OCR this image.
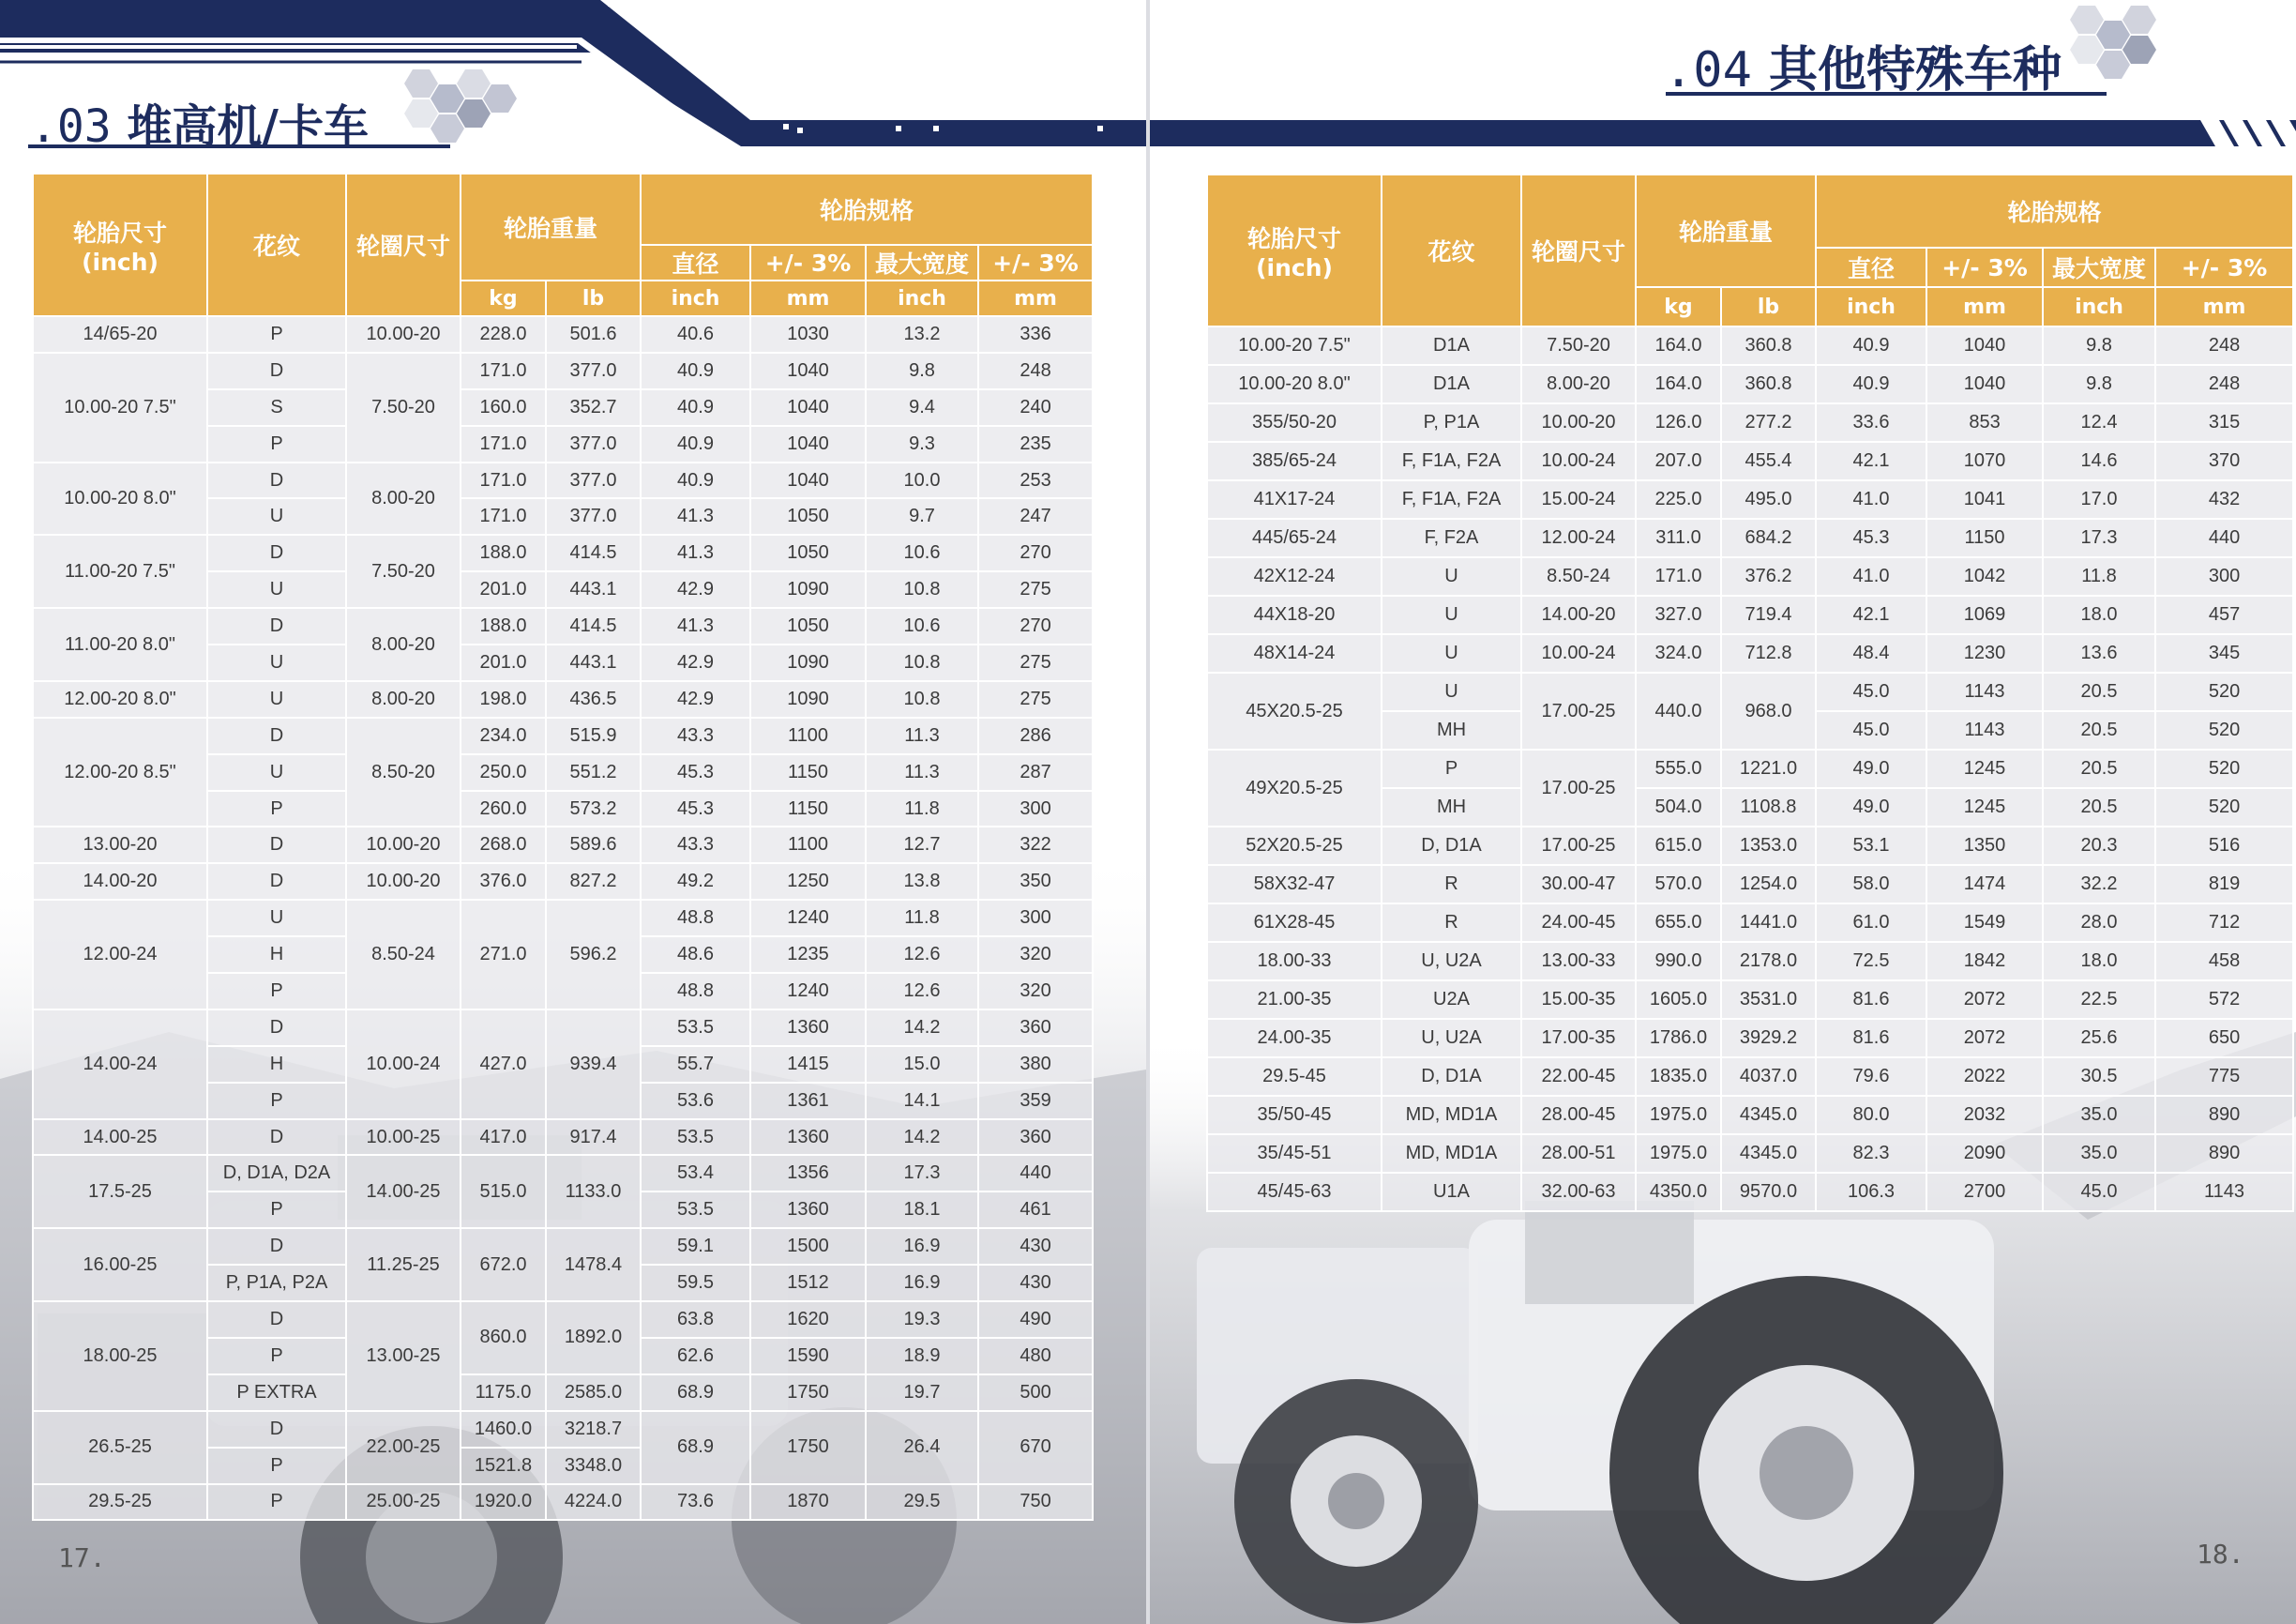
.03 堆高机/卡车
轮胎尺寸
(inch)	花纹	轮圈尺寸	轮胎重量		轮胎规格			
					直径	+/- 3%	最大宽度	+/- 3%
			kg	lb	inch	mm	inch	mm
14/65-20	P	10.00-20	228.0	501.6	40.6	1030	13.2	336
10.00-20 7.5"	D	7.50-20	171.0	377.0	40.9	1040	9.8	248
	S		160.0	352.7	40.9	1040	9.4	240
	P		171.0	377.0	40.9	1040	9.3	235
10.00-20 8.0"	D	8.00-20	171.0	377.0	40.9	1040	10.0	253
	U		171.0	377.0	41.3	1050	9.7	247
11.00-20 7.5"	D	7.50-20	188.0	414.5	41.3	1050	10.6	270
	U		201.0	443.1	42.9	1090	10.8	275
11.00-20 8.0"	D	8.00-20	188.0	414.5	41.3	1050	10.6	270
	U		201.0	443.1	42.9	1090	10.8	275
12.00-20 8.0"	U	8.00-20	198.0	436.5	42.9	1090	10.8	275
12.00-20 8.5"	D	8.50-20	234.0	515.9	43.3	1100	11.3	286
	U		250.0	551.2	45.3	1150	11.3	287
	P		260.0	573.2	45.3	1150	11.8	300
13.00-20	D	10.00-20	268.0	589.6	43.3	1100	12.7	322
14.00-20	D	10.00-20	376.0	827.2	49.2	1250	13.8	350
12.00-24	U	8.50-24	271.0	596.2	48.8	1240	11.8	300
	H				48.6	1235	12.6	320
	P				48.8	1240	12.6	320
14.00-24	D	10.00-24	427.0	939.4	53.5	1360	14.2	360
	H				55.7	1415	15.0	380
	P				53.6	1361	14.1	359
14.00-25	D	10.00-25	417.0	917.4	53.5	1360	14.2	360
17.5-25	D, D1A, D2A	14.00-25	515.0	1133.0	53.4	1356	17.3	440
	P				53.5	1360	18.1	461
16.00-25	D	11.25-25	672.0	1478.4	59.1	1500	16.9	430
	P, P1A, P2A				59.5	1512	16.9	430
18.00-25	D	13.00-25	860.0	1892.0	63.8	1620	19.3	490
	P				62.6	1590	18.9	480
	P EXTRA		1175.0	2585.0	68.9	1750	19.7	500
26.5-25	D	22.00-25	1460.0	3218.7	68.9	1750	26.4	670
	P		1521.8	3348.0				
29.5-25	P	25.00-25	1920.0	4224.0	73.6	1870	29.5	750
17.
.04 其他特殊车种
轮胎尺寸
(inch)	花纹	轮圈尺寸	轮胎重量		轮胎规格			
					直径	+/- 3%	最大宽度	+/- 3%
			kg	lb	inch	mm	inch	mm
10.00-20 7.5"	D1A	7.50-20	164.0	360.8	40.9	1040	9.8	248
10.00-20 8.0"	D1A	8.00-20	164.0	360.8	40.9	1040	9.8	248
355/50-20	P, P1A	10.00-20	126.0	277.2	33.6	853	12.4	315
385/65-24	F, F1A, F2A	10.00-24	207.0	455.4	42.1	1070	14.6	370
41X17-24	F, F1A, F2A	15.00-24	225.0	495.0	41.0	1041	17.0	432
445/65-24	F, F2A	12.00-24	311.0	684.2	45.3	1150	17.3	440
42X12-24	U	8.50-24	171.0	376.2	41.0	1042	11.8	300
44X18-20	U	14.00-20	327.0	719.4	42.1	1069	18.0	457
48X14-24	U	10.00-24	324.0	712.8	48.4	1230	13.6	345
45X20.5-25	U	17.00-25	440.0	968.0	45.0	1143	20.5	520
	MH				45.0	1143	20.5	520
49X20.5-25	P	17.00-25	555.0	1221.0	49.0	1245	20.5	520
	MH		504.0	1108.8	49.0	1245	20.5	520
52X20.5-25	D, D1A	17.00-25	615.0	1353.0	53.1	1350	20.3	516
58X32-47	R	30.00-47	570.0	1254.0	58.0	1474	32.2	819
61X28-45	R	24.00-45	655.0	1441.0	61.0	1549	28.0	712
18.00-33	U, U2A	13.00-33	990.0	2178.0	72.5	1842	18.0	458
21.00-35	U2A	15.00-35	1605.0	3531.0	81.6	2072	22.5	572
24.00-35	U, U2A	17.00-35	1786.0	3929.2	81.6	2072	25.6	650
29.5-45	D, D1A	22.00-45	1835.0	4037.0	79.6	2022	30.5	775
35/50-45	MD, MD1A	28.00-45	1975.0	4345.0	80.0	2032	35.0	890
35/45-51	MD, MD1A	28.00-51	1975.0	4345.0	82.3	2090	35.0	890
45/45-63	U1A	32.00-63	4350.0	9570.0	106.3	2700	45.0	1143
18.
